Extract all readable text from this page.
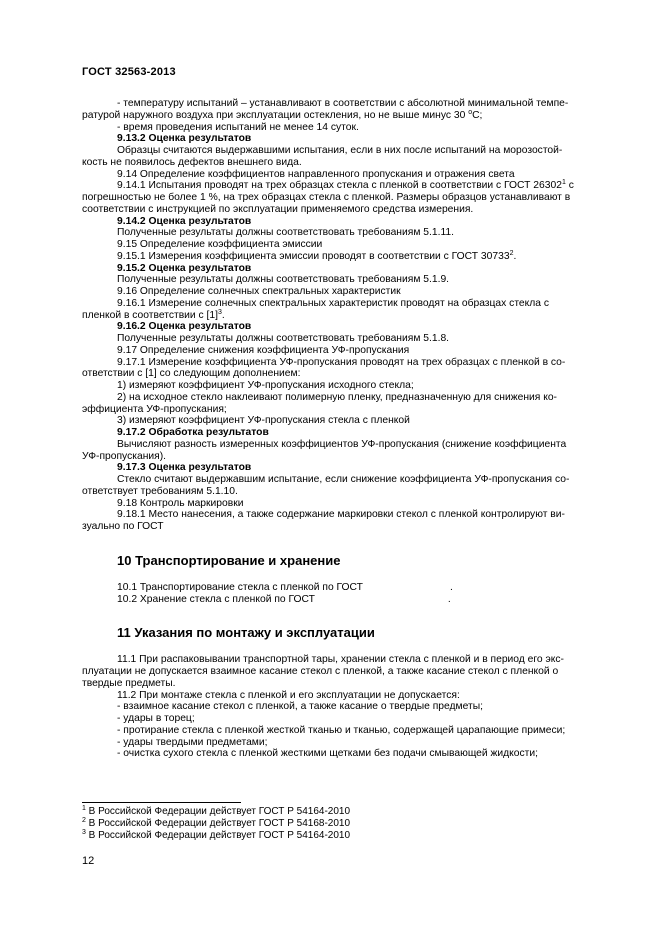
ГОСТ 32563-2013

- температуру испытаний – устанавливают в соответствии с абсолютной минимальной темпе-
ратурой наружного воздуха при эксплуатации остекления, но не выше минус 30 $^о$С;

- время проведения испытаний не менее 14 суток.

9.13.2 Оценка результатов

Образцы считаются выдержавшими испытания, если в них после испытаний на морозостой-
кость не появилось дефектов внешнего вида.

9.14 Определение коэффициентов направленного пропускания и отражения света

9.14.1 Испытания проводят на трех образцах стекла с пленкой в соответствии с ГОСТ 26302$^1$ с
погрешностью не более 1 %, на трех образцах стекла с пленкой. Размеры образцов устанавливают в
соответствии с инструкцией по эксплуатации применяемого средства измерения.

9.14.2 Оценка результатов

Полученные результаты должны соответствовать требованиям 5.1.11.

9.15 Определение коэффициента эмиссии

9.15.1 Измерения коэффициента эмиссии проводят в соответствии с ГОСТ 30733$^2$.

9.15.2 Оценка результатов

Полученные результаты должны соответствовать требованиям 5.1.9.

9.16 Определение солнечных спектральных характеристик

9.16.1 Измерение солнечных спектральных характеристик проводят на образцах стекла с
пленкой в соответствии с $[1]^3$.

9.16.2 Оценка результатов

Полученные результаты должны соответствовать требованиям 5.1.8.

9.17 Определение снижения коэффициента УФ-пропускания

9.17.1 Измерение коэффициента УФ-пропускания проводят на трех образцах с пленкой в со-
ответствии с [1] со следующим дополнением:

1) измеряют коэффициент УФ-пропускания исходного стекла;

2) на исходное стекло наклеивают полимерную пленку, предназначенную для снижения ко-
эффициента УФ-пропускания;

3) измеряют коэффициент УФ-пропускания стекла с пленкой

9.17.2 Обработка результатов

Вычисляют разность измеренных коэффициентов УФ-пропускания (снижение коэффициента
УФ-пропускания).

9.17.3 Оценка результатов

Стекло считают выдержавшим испытание, если снижение коэффициента УФ-пропускания со-
ответствует требованиям 5.1.10.

9.18 Контроль маркировки

9.18.1 Место нанесения, а также содержание маркировки стекол с пленкой контролируют ви-
зуально по ГОСТ

10 Транспортирование и хранение

10.1 Транспортирование стекла с пленкой по ГОСТ	.

10.2 Хранение стекла с пленкой по ГОСТ	.

11 Указания по монтажу и эксплуатации

11.1 При распаковывании транспортной тары, хранении стекла с пленкой и в период его экс-
плуатации не допускается взаимное касание стекол с пленкой, а также касание стекол с пленкой о
твердые предметы.

11.2 При монтаже стекла с пленкой и его эксплуатации не допускается:

- взаимное касание стекол с пленкой, а также касание о твердые предметы;

- удары в торец;

- протирание стекла с пленкой жесткой тканью и тканью, содержащей царапающие примеси;

- удары твердыми предметами;

- очистка сухого стекла с пленкой жесткими щетками без подачи смывающей жидкости;

$^1$ В Российской Федерации действует ГОСТ Р 54164-2010
$^2$ В Российской Федерации действует ГОСТ Р 54168-2010
$^3$ В Российской Федерации действует ГОСТ Р 54164-2010
12
